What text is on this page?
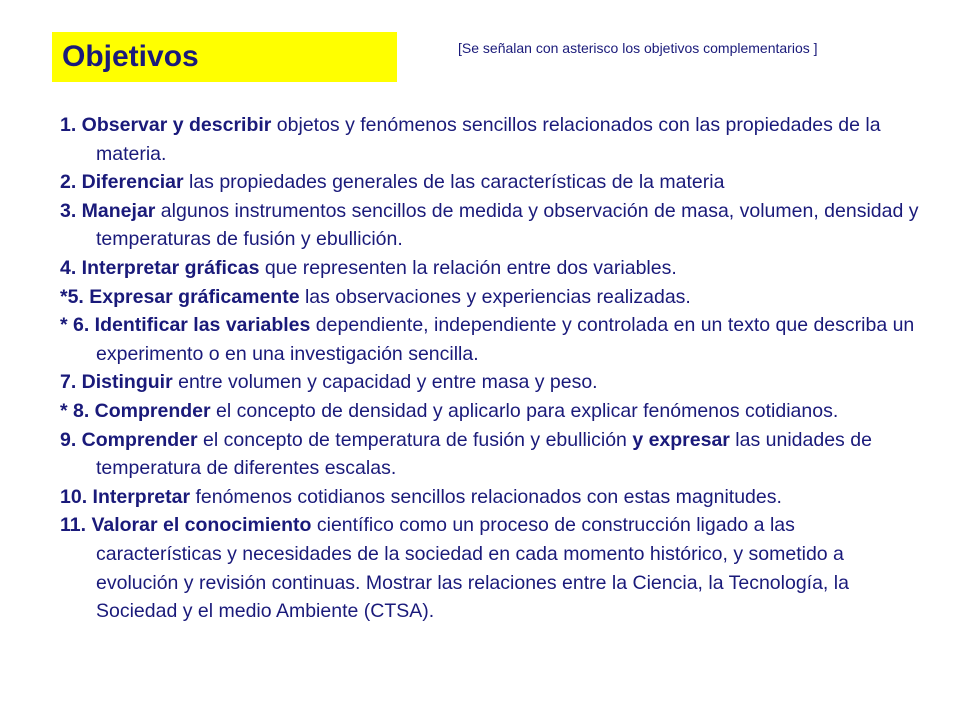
Objetivos	[Se señalan con asterisco los objetivos complementarios ]
1. Observar y describir objetos y fenómenos sencillos relacionados con las propiedades de la materia.
2. Diferenciar las propiedades generales de las características de la materia
3. Manejar algunos instrumentos sencillos de medida y observación de masa, volumen, densidad y temperaturas de fusión y ebullición.
4. Interpretar gráficas que representen la relación entre dos variables.
*5. Expresar gráficamente las observaciones y experiencias realizadas.
* 6. Identificar las variables dependiente, independiente y controlada en un texto que describa un experimento o en una investigación sencilla.
7. Distinguir entre volumen y capacidad y entre masa y peso.
* 8. Comprender el concepto de densidad y aplicarlo para explicar fenómenos cotidianos.
9. Comprender el concepto de temperatura de fusión y ebullición y expresar las unidades de temperatura de diferentes escalas.
10. Interpretar fenómenos cotidianos sencillos relacionados con estas magnitudes.
11. Valorar el conocimiento científico como un proceso de construcción ligado a las características y necesidades de la sociedad en cada momento histórico, y sometido a evolución y revisión continuas. Mostrar las relaciones entre la Ciencia, la Tecnología, la Sociedad y el medio Ambiente (CTSA).
